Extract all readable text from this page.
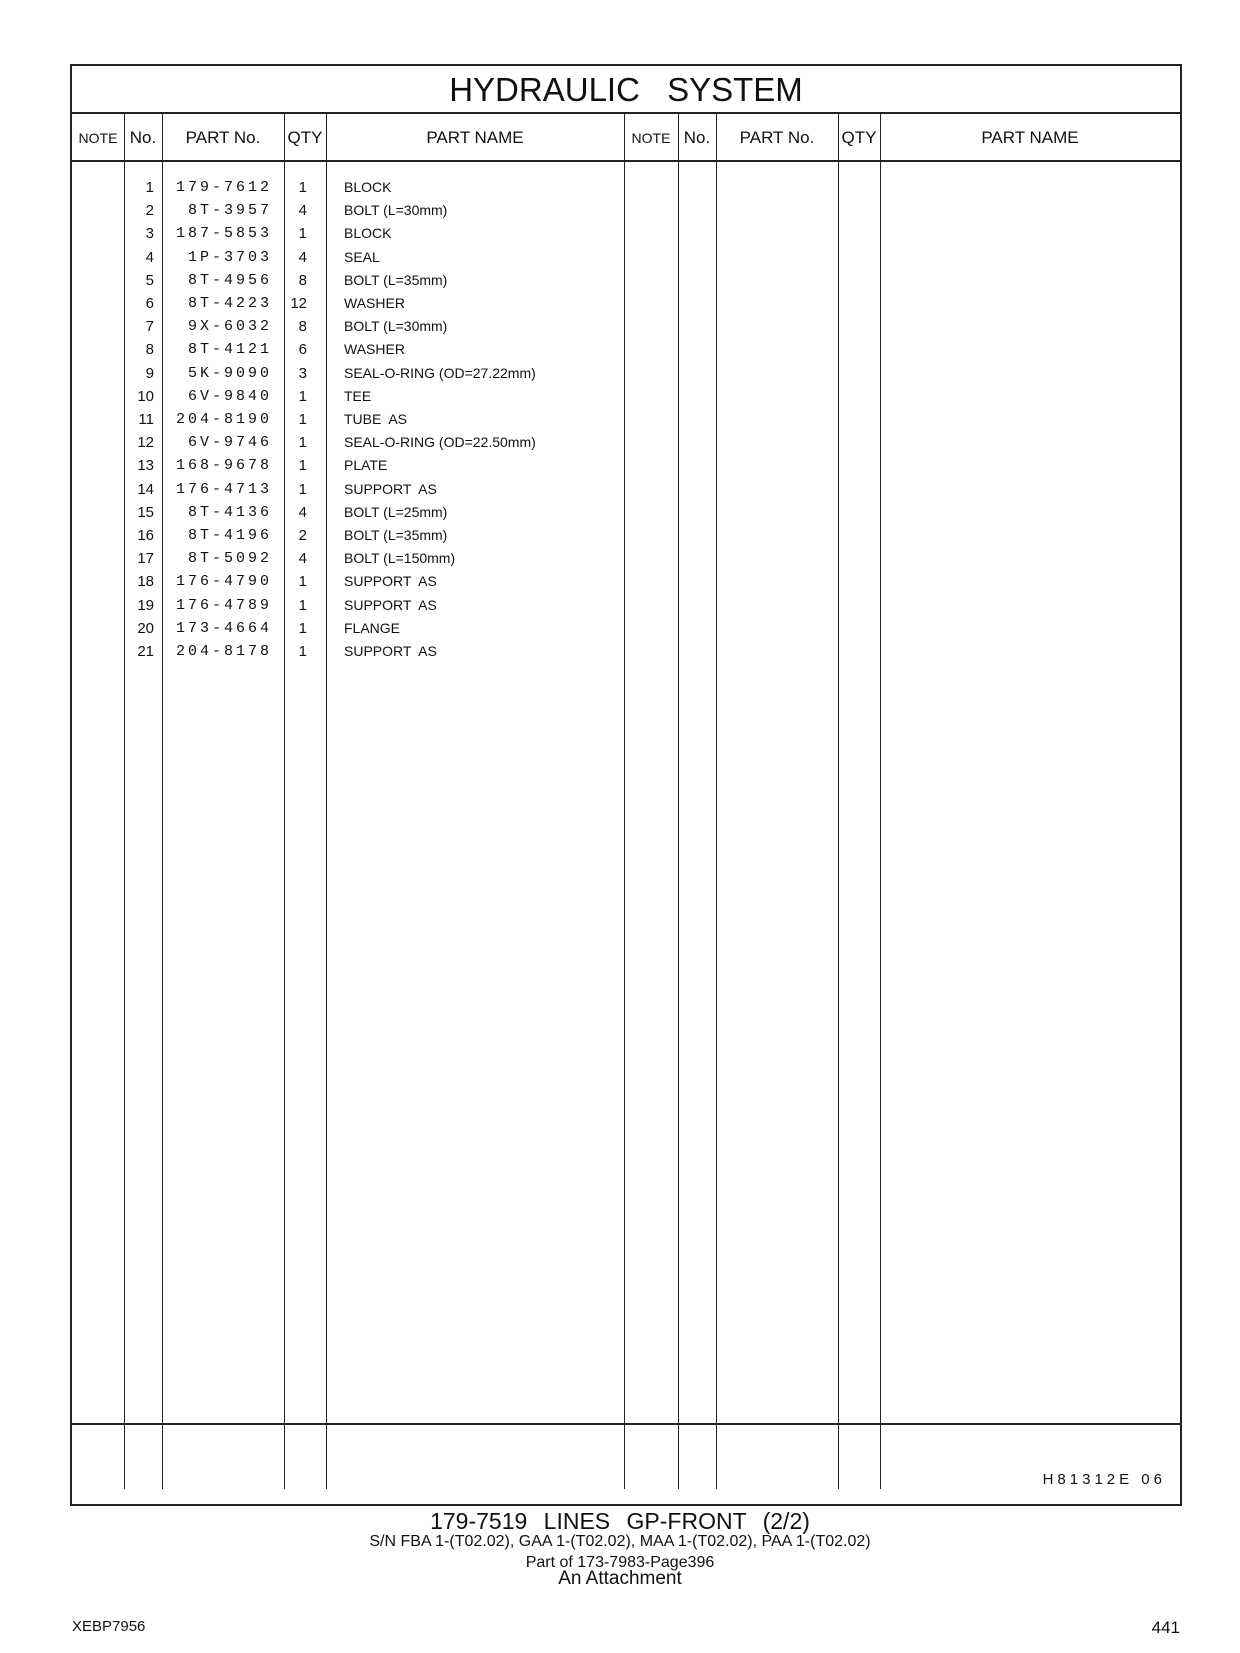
HYDRAULIC SYSTEM
NOTE No.	PART No.	QTY	PART NAME	NOTE No.	PART No.	QTY	PART NAME
1 179-7612	1	BLOCK
2	8T-3957	4	BOLT (L=30mm)
3 187-5853	1	BLOCK
4	1P-3703	4	SEAL
5	8T-4956	8	BOLT (L=35mm)
6	8T-4223	12	WASHER
7	9X-6032	8	BOLT (L=30mm)
8	8T-4121	6	WASHER
9	5K-9090	3	SEAL-O-RING (OD=27.22mm)
10	6V-9840	1	TEE
11 204-8190	1	TUBE  AS
12	6V-9746	1	SEAL-O-RING (OD=22.50mm)
13 168-9678	1	PLATE
14 176-4713	1	SUPPORT  AS
15	8T-4136	4	BOLT (L=25mm)
16	8T-4196	2	BOLT (L=35mm)
17	8T-5092	4	BOLT (L=150mm)
18 176-4790	1	SUPPORT  AS
19 176-4789	1	SUPPORT  AS
20 173-4664	1	FLANGE
21 204-8178	1	SUPPORT  AS
H81312E 06
179-7519 LINES GP-FRONT (2/2)
S/N FBA 1-(T02.02), GAA 1-(T02.02), MAA 1-(T02.02), PAA 1-(T02.02)
Part of 173-7983-Page396
An Attachment
XEBP7956	441
